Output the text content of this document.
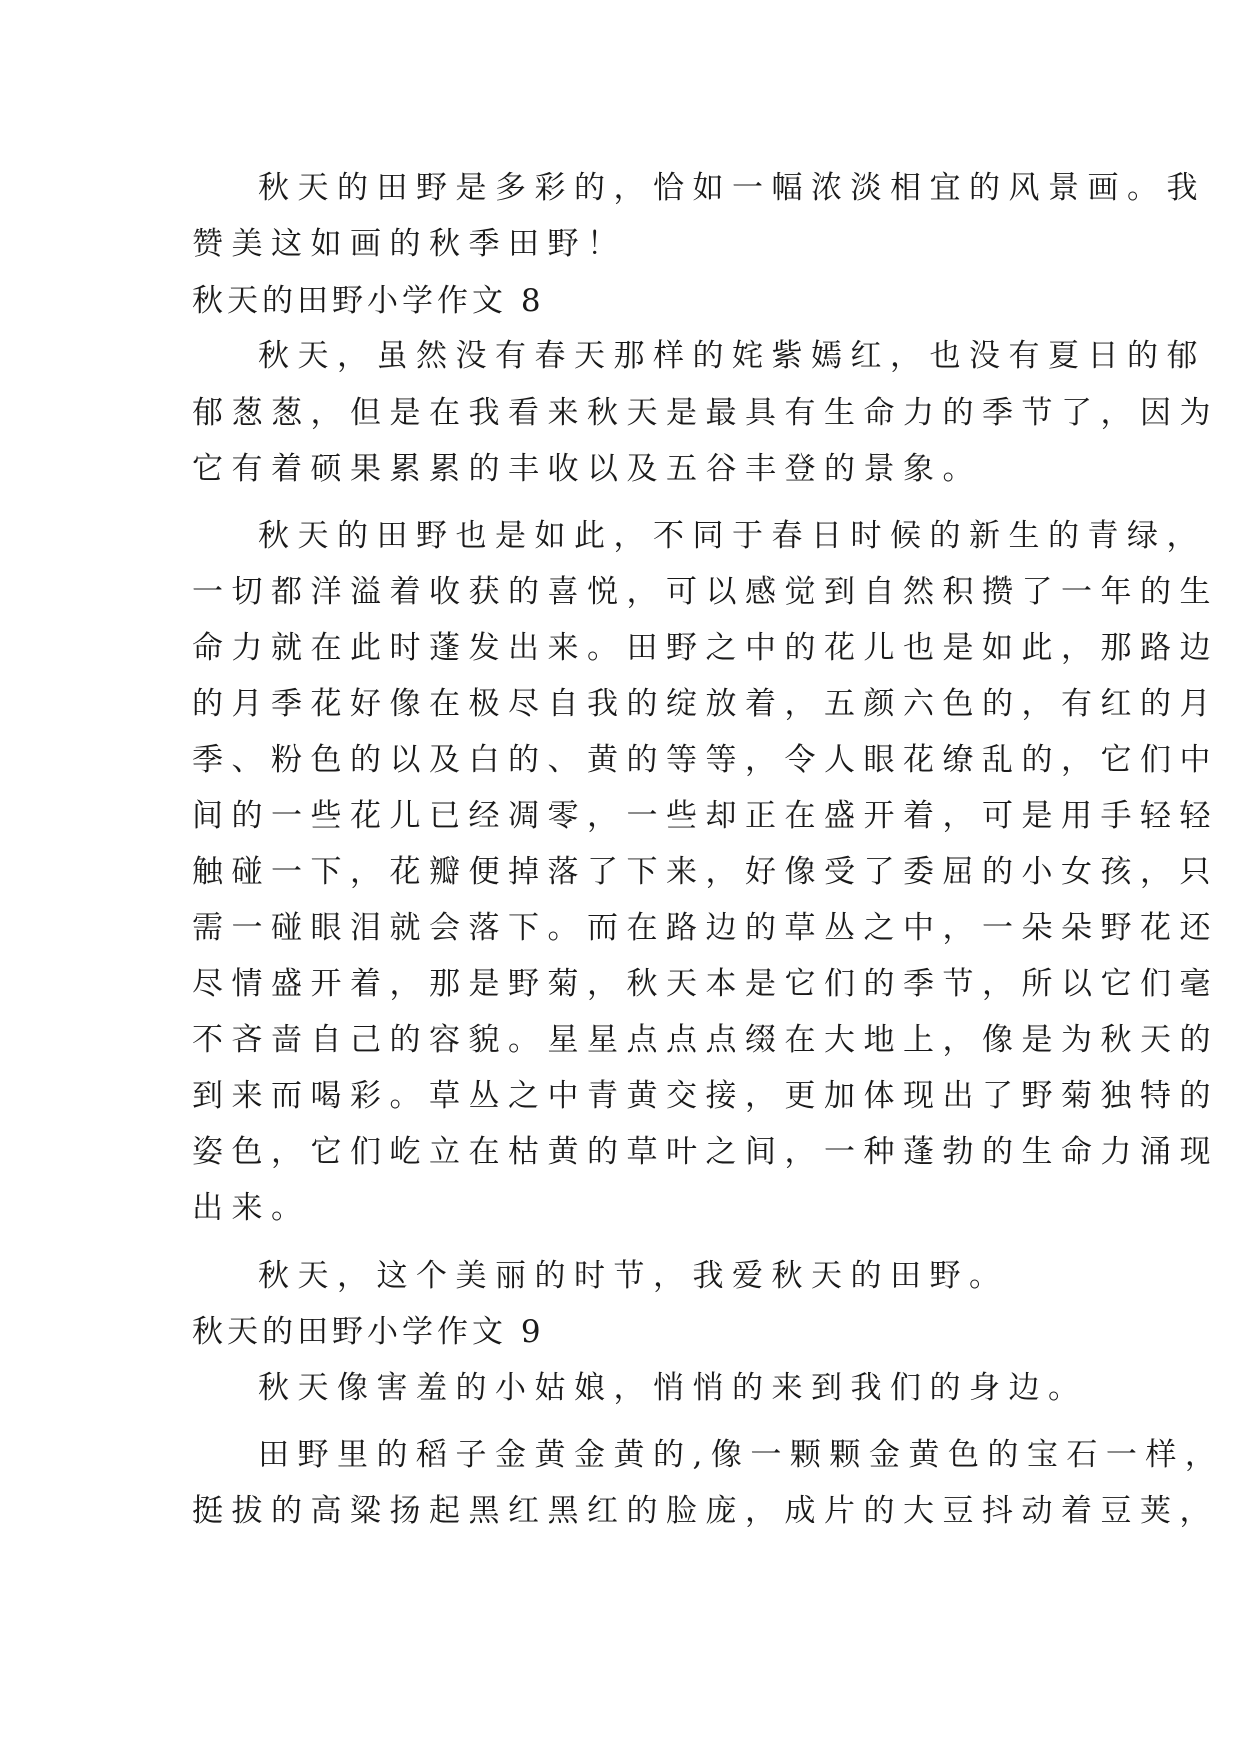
秋天的田野是多彩的，恰如一幅浓淡相宜的风景画。我
赞美这如画的秋季田野！
秋天的田野小学作文 8
秋天，虽然没有春天那样的姹紫嫣红，也没有夏日的郁
郁葱葱，但是在我看来秋天是最具有生命力的季节了，因为
它有着硕果累累的丰收以及五谷丰登的景象。
秋天的田野也是如此，不同于春日时候的新生的青绿，
一切都洋溢着收获的喜悦，可以感觉到自然积攒了一年的生
命力就在此时蓬发出来。田野之中的花儿也是如此，那路边
的月季花好像在极尽自我的绽放着，五颜六色的，有红的月
季、粉色的以及白的、黄的等等，令人眼花缭乱的，它们中
间的一些花儿已经凋零，一些却正在盛开着，可是用手轻轻
触碰一下，花瓣便掉落了下来，好像受了委屈的小女孩，只
需一碰眼泪就会落下。而在路边的草丛之中，一朵朵野花还
尽情盛开着，那是野菊，秋天本是它们的季节，所以它们毫
不吝啬自己的容貌。星星点点点缀在大地上，像是为秋天的
到来而喝彩。草丛之中青黄交接，更加体现出了野菊独特的
姿色，它们屹立在枯黄的草叶之间，一种蓬勃的生命力涌现
出来。
秋天，这个美丽的时节，我爱秋天的田野。
秋天的田野小学作文 9
秋天像害羞的小姑娘，悄悄的来到我们的身边。
田野里的稻子金黄金黄的,像一颗颗金黄色的宝石一样，
挺拔的高粱扬起黑红黑红的脸庞，成片的大豆抖动着豆荚，
